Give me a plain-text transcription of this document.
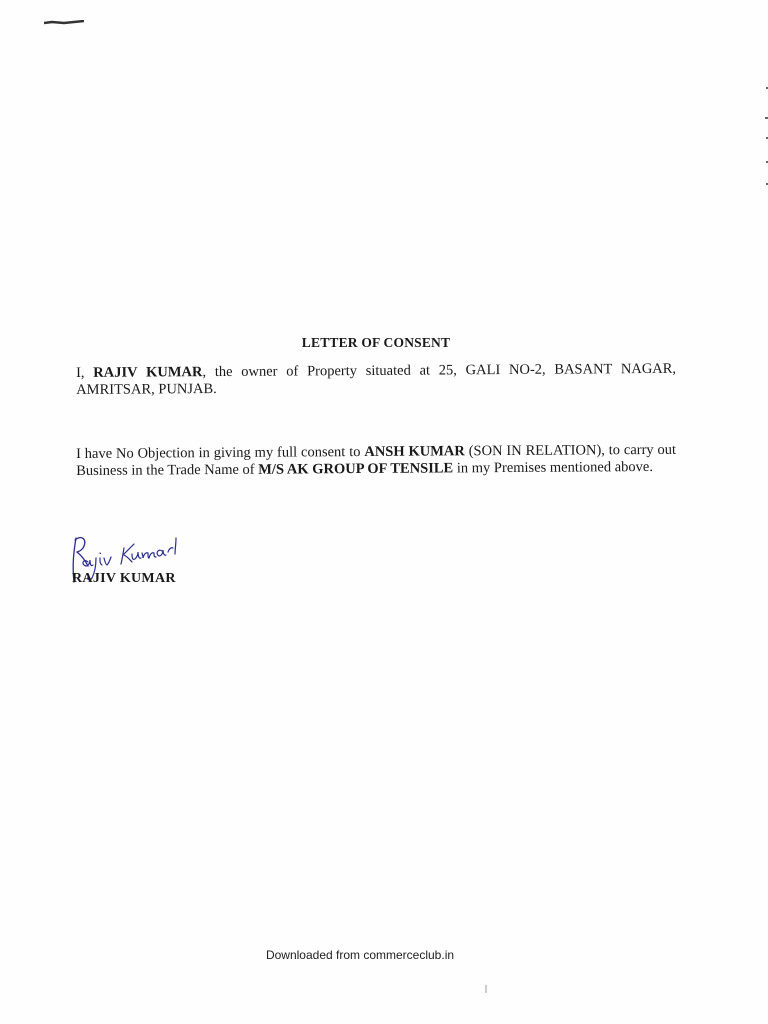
LETTER OF CONSENT
I, RAJIV KUMAR, the owner of Property situated at 25, GALI NO-2, BASANT NAGAR, AMRITSAR, PUNJAB.
I have No Objection in giving my full consent to ANSH KUMAR (SON IN RELATION), to carry out Business in the Trade Name of M/S AK GROUP OF TENSILE in my Premises mentioned above.
RAJIV KUMAR
Downloaded from commerceclub.in
